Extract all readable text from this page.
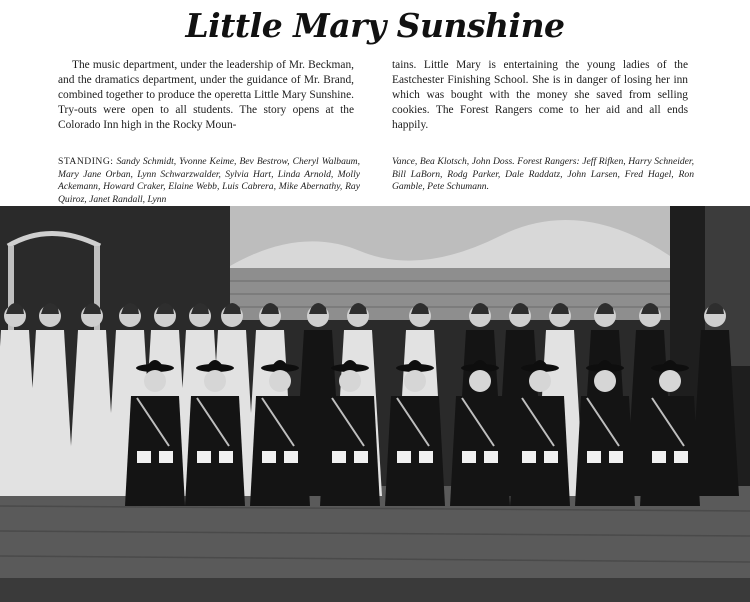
Little Mary Sunshine

The music department, under the leadership of Mr. Beckman, and the dramatics department, under the guidance of Mr. Brand, combined together to produce the operetta Little Mary Sunshine. Try-outs were open to all students. The story opens at the Colorado Inn high in the Rocky Moun-

tains. Little Mary is entertaining the young ladies of the Eastchester Finishing School. She is in danger of losing her inn which was bought with the money she saved from selling cookies. The Forest Rangers come to her aid and all ends happily.

STANDING: Sandy Schmidt, Yvonne Keime, Bev Bestrow, Cheryl Walbaum, Mary Jane Orban, Lynn Schwarzwalder, Sylvia Hart, Linda Arnold, Molly Ackemann, Howard Craker, Elaine Webb, Luis Cabrera, Mike Abernathy, Ray Quiroz, Janet Randall, Lynn
Vance, Bea Klotsch, John Doss. Forest Rangers: Jeff Rifken, Harry Schneider, Bill LaBorn, Rodg Parker, Dale Raddatz, John Larsen, Fred Hagel, Ron Gamble, Pete Schumann.
